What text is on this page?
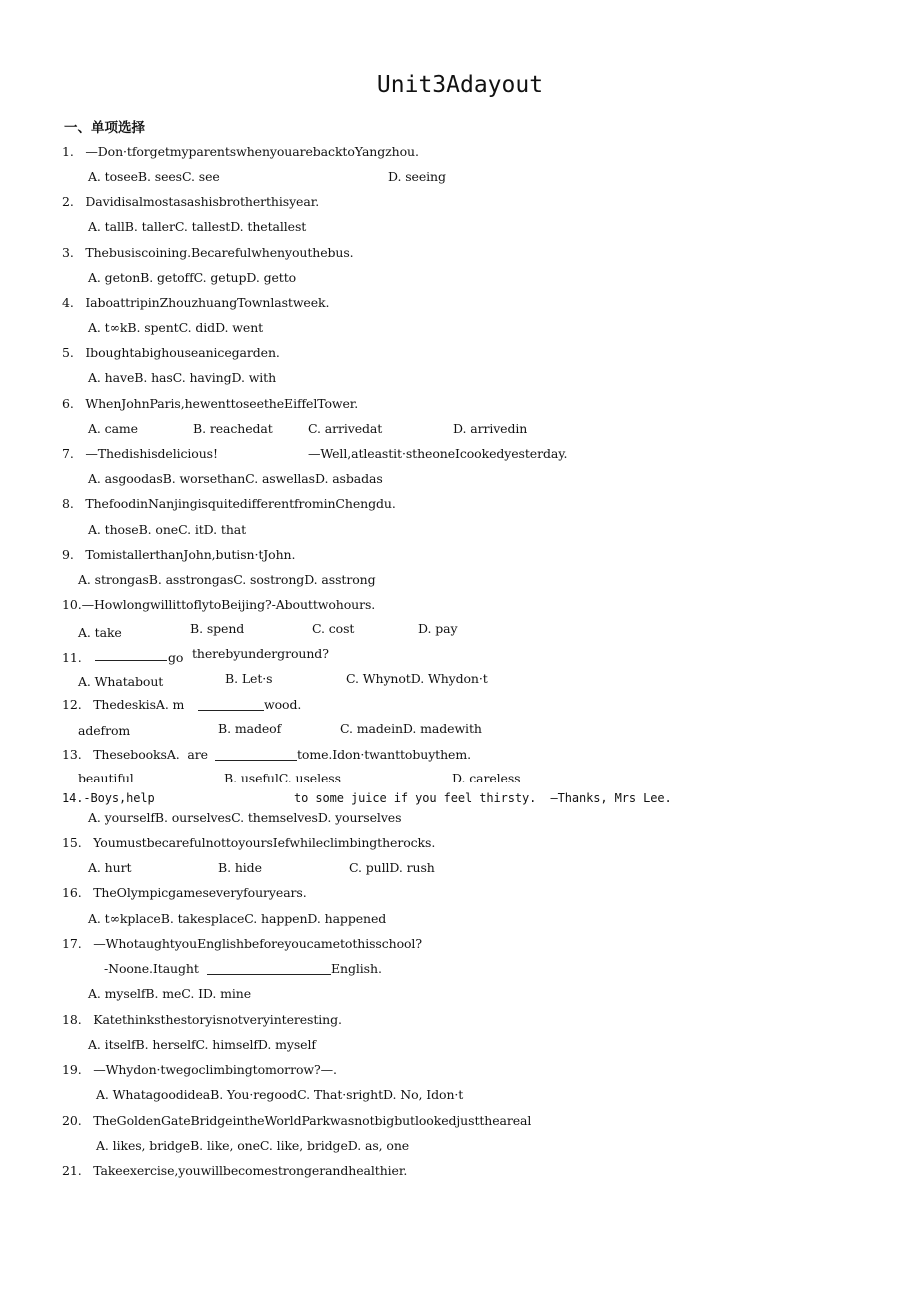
Unit3Adayout
一、单项选择
1.   —Don·tforgetmyparentswhenyouarebacktoYangzhou.
A. toseeB. seesC. see	D. seeing
2.   Davidisalmostasashisbrotherthisyear.
A. tallB. tallerC. tallestD. thetallest
3.   Thebusiscoining.Becarefulwhenyouthebus.
A. getonB. getoffC. getupD. getto
4.   IaboattripinZhouzhuangTownlastweek.
A. t∞kB. spentC. didD. went
5.   Iboughtabighouseanicegarden.
A. haveB. hasC. havingD. with
6.   WhenJohnParis,hewenttoseetheEiffelTower.
A. came	B. reachedat	C. arrivedat	D. arrivedin
7.   —Thedishisdelicious!	—Well,atleastit·stheoneIcookedyesterday.
A. asgoodasB. worsethanC. aswellasD. asbadas
8.   ThefoodinNanjingisquitedifferentfrominChengdu.
A. thoseB. oneC. itD. that
9.   TomistallerthanJohn,butisn·tJohn.
A. strongasB. asstrongasC. sostrongD. asstrong
10.—HowlongwillittoflytoBeijing?-Abouttwohours.
A. take	B. spend	C. cost	D. pay
11.	go therebyunderground?
A. Whatabout	B. Let·s	C. WhynotD. Whydon·t
12.   ThedeskisA. m	wood.
adefrom	B. madeof	C. madeinD. madewith
13.   ThesebooksA.  are	tome.Idon·twanttobuythem.
beautiful	B. usefulC. useless	D. careless
14.-Boys,help	to some juice if you feel thirsty.  —Thanks, Mrs Lee.
A. yourselfB. ourselvesC. themselvesD. yourselves
15.   YoumustbecarefulnottoyoursIefwhileclimbingtherocks.
A. hurt	B. hide	C. pullD. rush
16.   TheOlympicgameseveryfouryears.
A. t∞kplaceB. takesplaceC. happenD. happened
17.   —WhotaughtyouEnglishbeforeyoucametothisschool?
-Noone.Itaught	English.
A. myselfB. meC. ID. mine
18.   Katethinksthestoryisnotveryinteresting.
A. itselfB. herselfC. himselfD. myself
19.   —Whydon·twegoclimbingtomorrow?—.
A. WhatagoodideaB. You·regoodC. That·srightD. No, Idon·t
20.   TheGoldenGateBridgeintheWorldParkwasnotbigbutlookedjusttheareal
A. likes, bridgeB. like, oneC. like, bridgeD. as, one
21.   Takeexercise,youwillbecomestrongerandhealthier.
